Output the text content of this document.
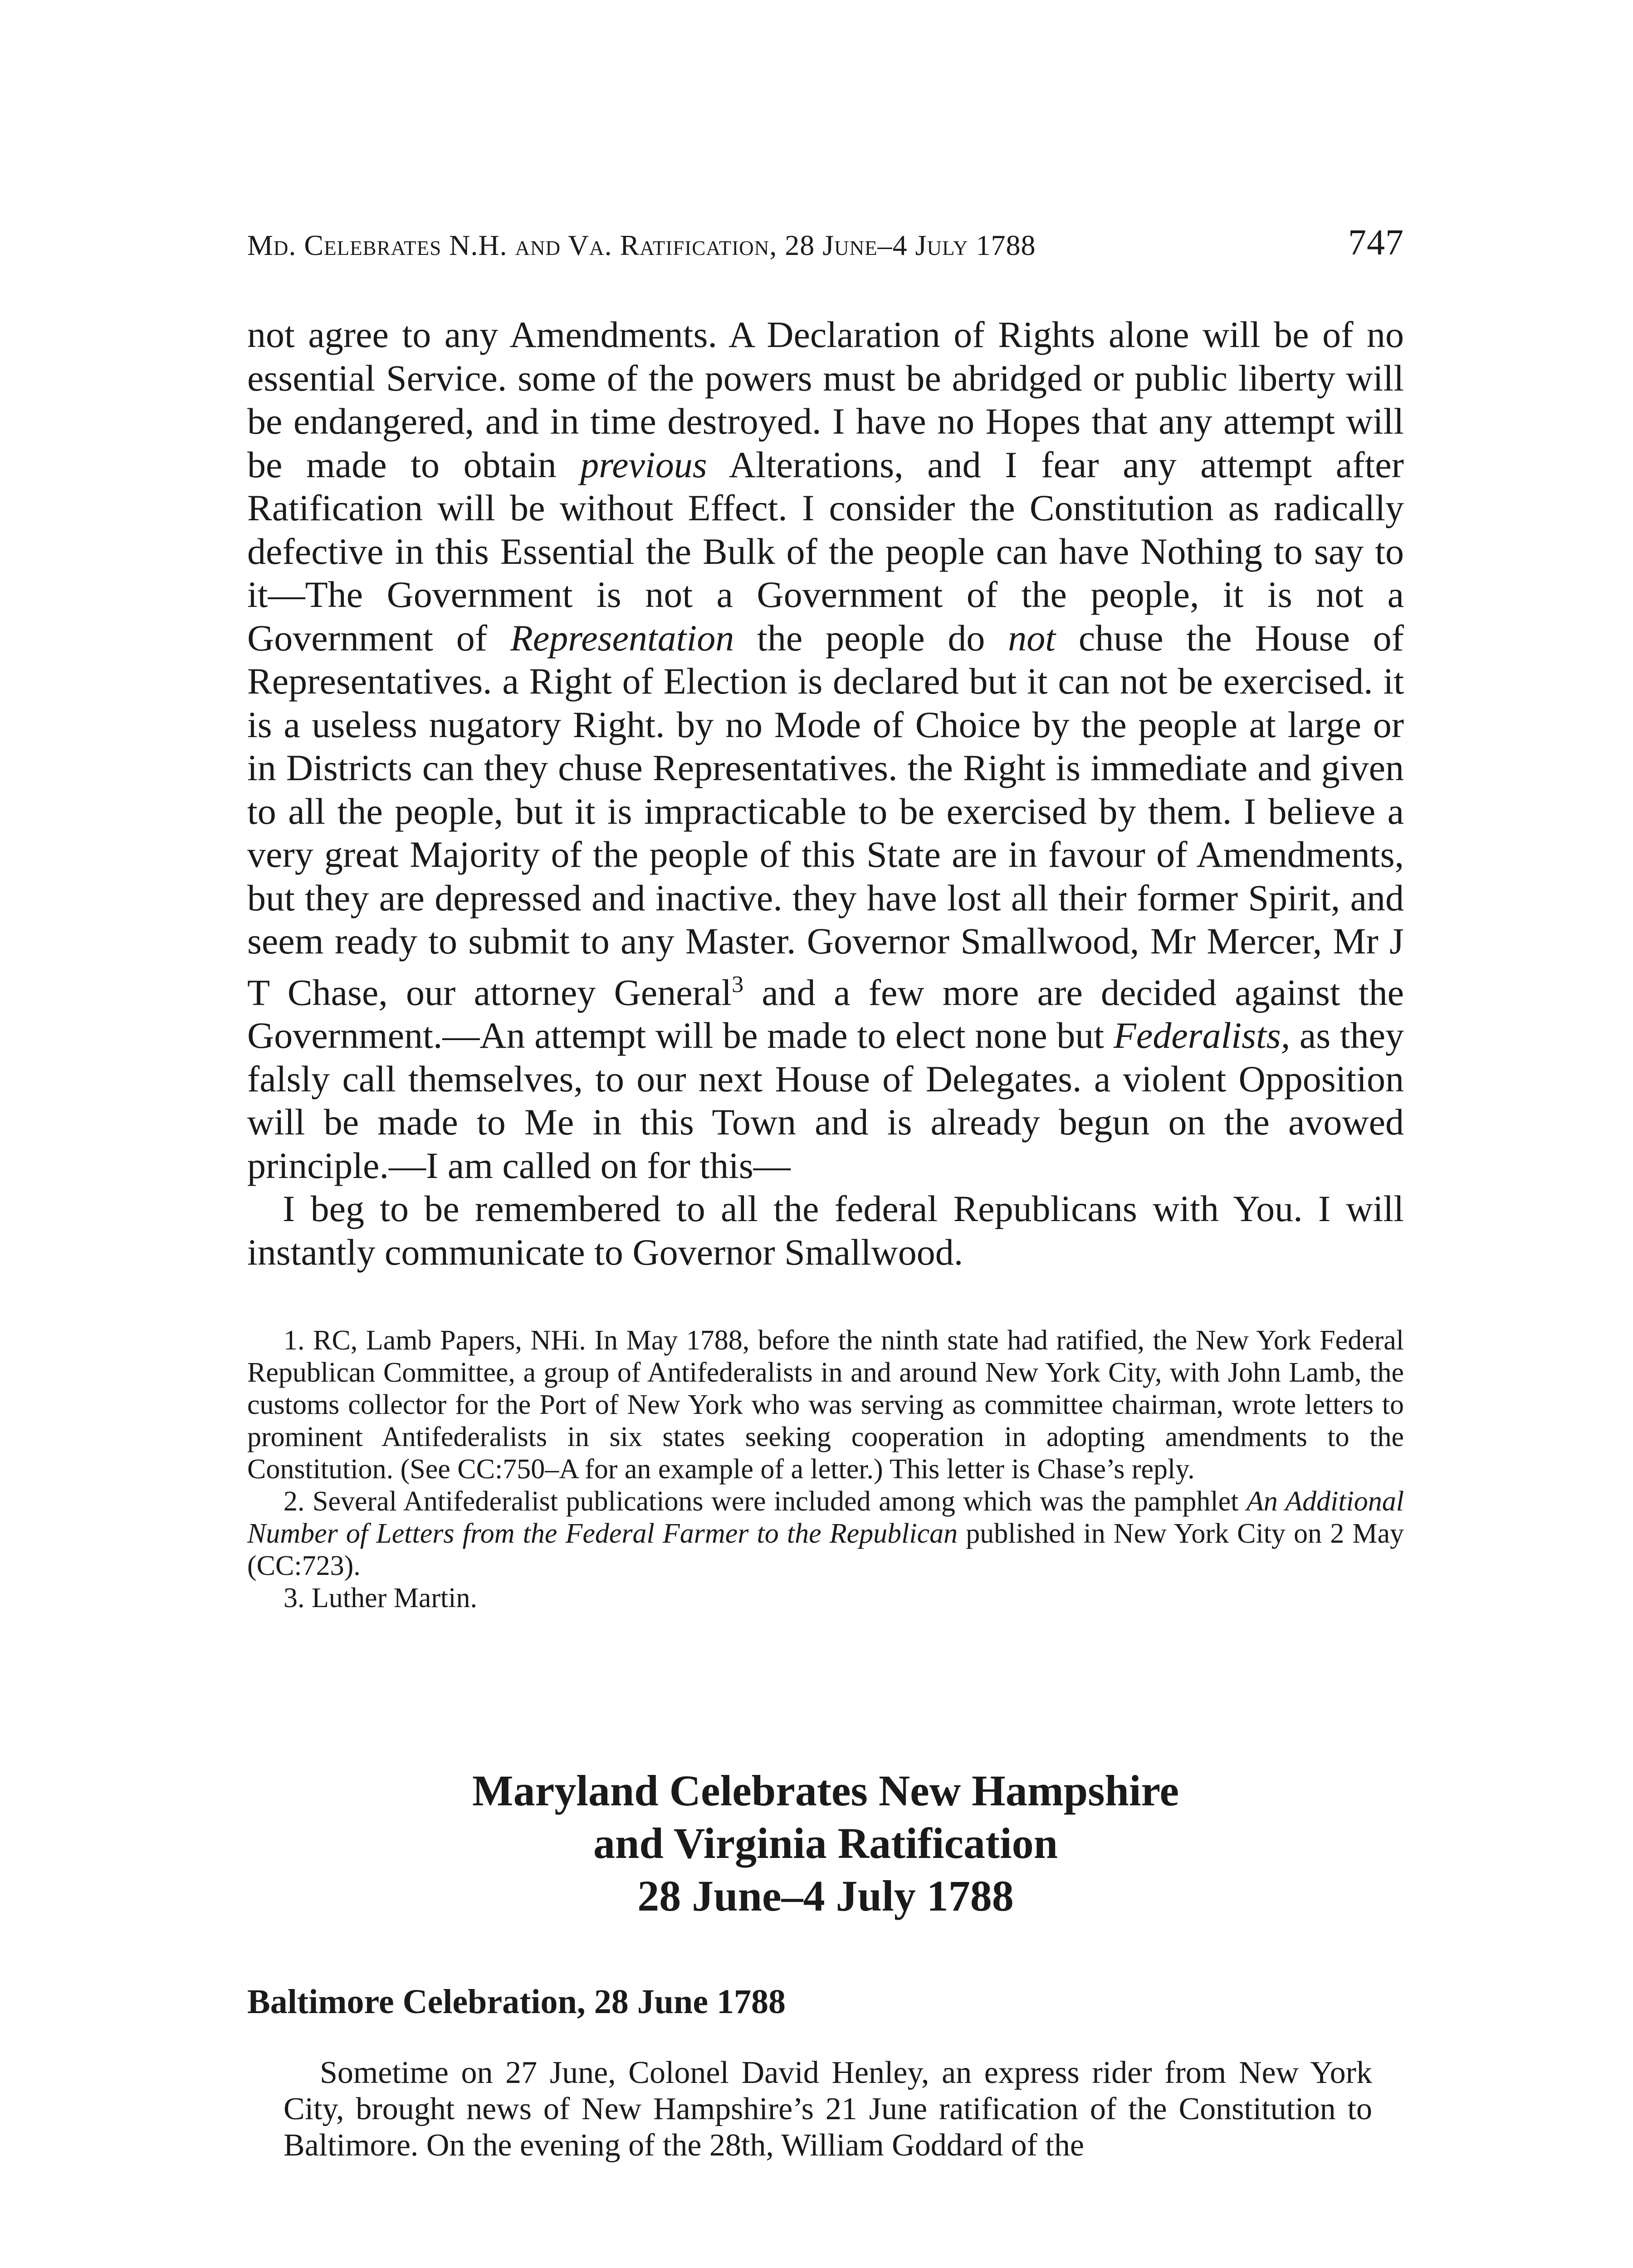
Md. Celebrates N.H. and Va. Ratification, 28 June–4 July 1788	747

not agree to any Amendments. A Declaration of Rights alone will be of no essential Service. some of the powers must be abridged or public liberty will be endangered, and in time destroyed. I have no Hopes that any attempt will be made to obtain previous Alterations, and I fear any attempt after Ratification will be without Effect. I consider the Constitution as radically defective in this Essential the Bulk of the people can have Nothing to say to it—The Government is not a Government of the people, it is not a Government of Representation the people do not chuse the House of Representatives. a Right of Election is declared but it can not be exercised. it is a useless nugatory Right. by no Mode of Choice by the people at large or in Districts can they chuse Representatives. the Right is immediate and given to all the people, but it is impracticable to be exercised by them. I believe a very great Majority of the people of this State are in favour of Amendments, but they are depressed and inactive. they have lost all their former Spirit, and seem ready to submit to any Master. Governor Smallwood, Mr Mercer, Mr J T Chase, our attorney General$^3$ and a few more are decided against the Government.—An attempt will be made to elect none but Federalists, as they falsly call themselves, to our next House of Delegates. a violent Opposition will be made to Me in this Town and is already begun on the avowed principle.—I am called on for this—

I beg to be remembered to all the federal Republicans with You. I will instantly communicate to Governor Smallwood.

1. RC, Lamb Papers, NHi. In May 1788, before the ninth state had ratified, the New York Federal Republican Committee, a group of Antifederalists in and around New York City, with John Lamb, the customs collector for the Port of New York who was serving as committee chairman, wrote letters to prominent Antifederalists in six states seeking cooperation in adopting amendments to the Constitution. (See CC:750–A for an example of a letter.) This letter is Chase’s reply.

2. Several Antifederalist publications were included among which was the pamphlet An Additional Number of Letters from the Federal Farmer to the Republican published in New York City on 2 May (CC:723).

3. Luther Martin.

Maryland Celebrates New Hampshire
and Virginia Ratification
28 June–4 July 1788
Baltimore Celebration, 28 June 1788

Sometime on 27 June, Colonel David Henley, an express rider from New York City, brought news of New Hampshire’s 21 June ratification of the Constitution to Baltimore. On the evening of the 28th, William Goddard of the
